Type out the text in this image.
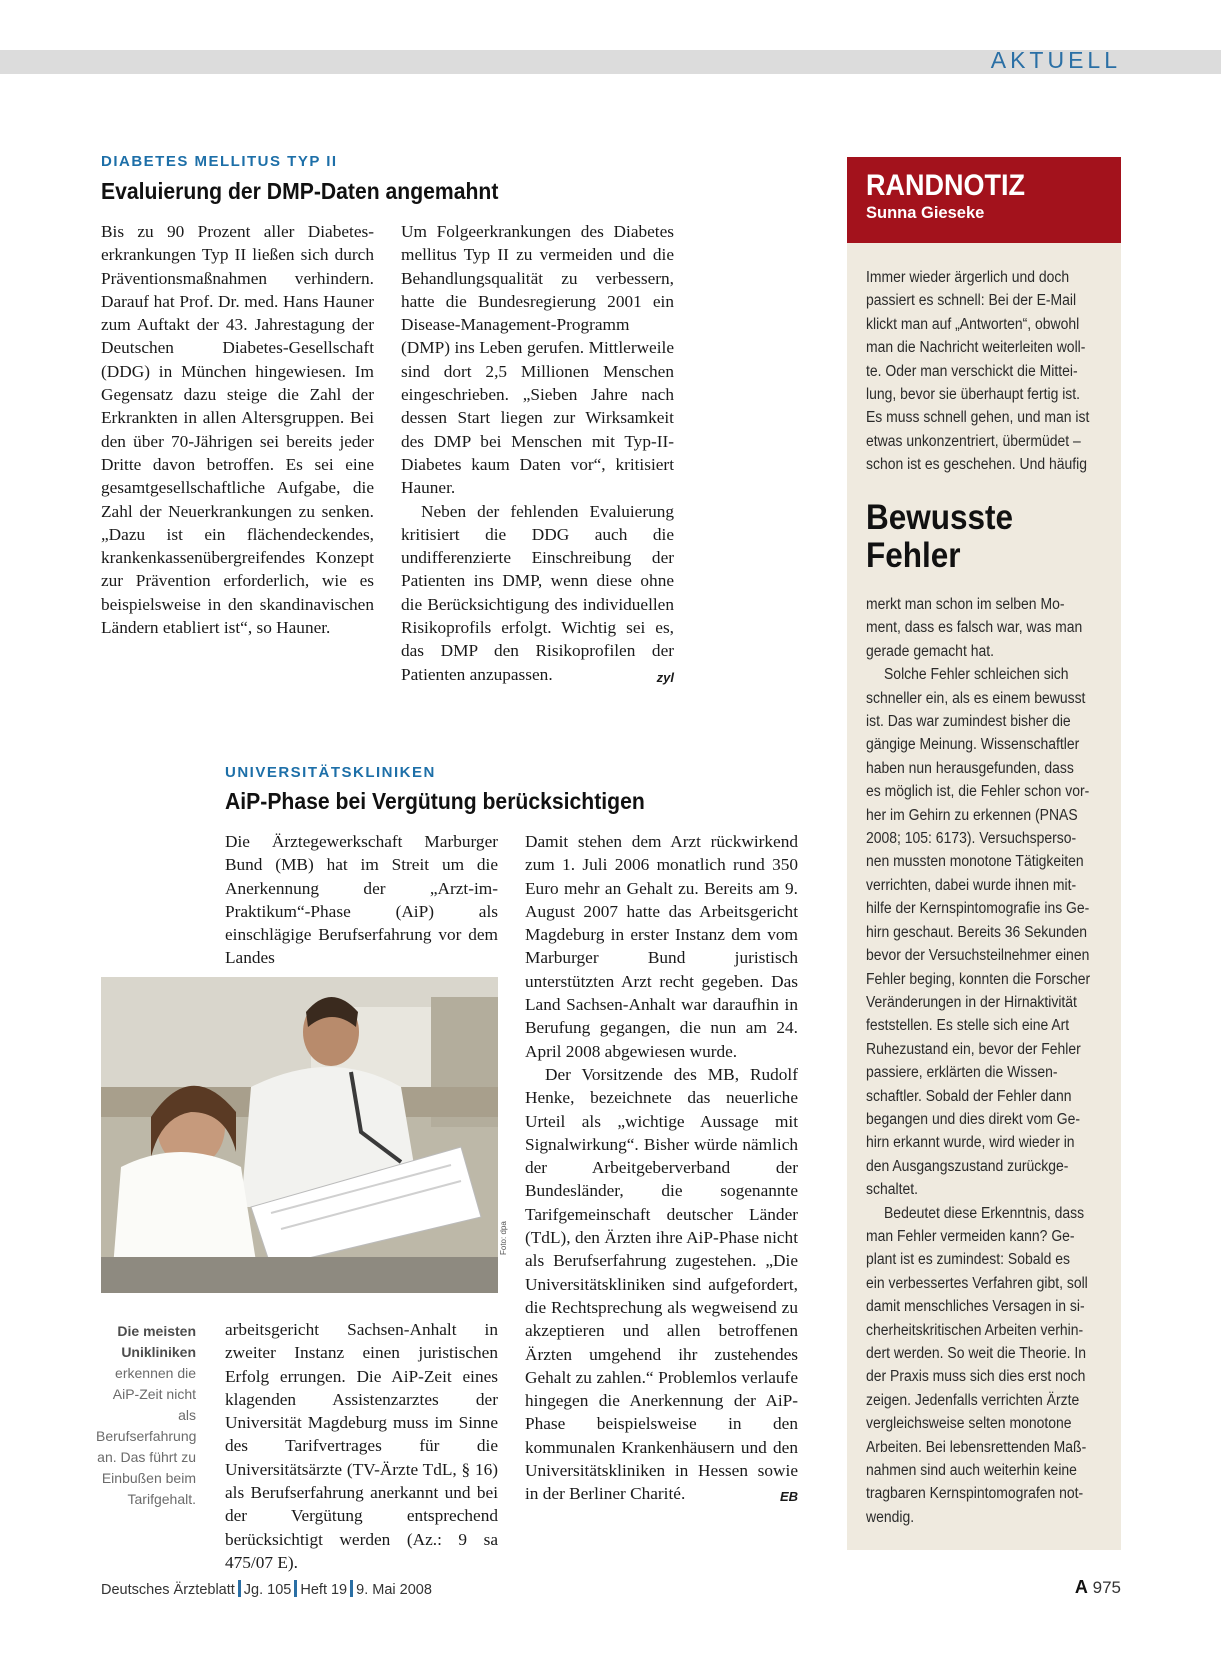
AKTUELL
DIABETES MELLITUS TYP II
Evaluierung der DMP-Daten angemahnt

Bis zu 90 Prozent aller Diabeteserkrankungen Typ II ließen sich durch Präventionsmaßnahmen verhindern. Darauf hat Prof. Dr. med. Hans Hauner zum Auftakt der 43. Jahrestagung der Deutschen Diabetes-Gesellschaft (DDG) in München hingewiesen. Im Gegensatz dazu steige die Zahl der Erkrankten in allen Altersgruppen. Bei den über 70-Jährigen sei bereits jeder Dritte davon betroffen. Es sei eine gesamtgesellschaftliche Aufgabe, die Zahl der Neuerkrankungen zu senken. „Dazu ist ein flächendeckendes, krankenkassenübergreifendes Konzept zur Prävention erforderlich, wie es beispielsweise in den skandinavischen Ländern etabliert ist“, so Hauner.

Um Folgeerkrankungen des Diabetes mellitus Typ II zu vermeiden und die Behandlungsqualität zu verbessern, hatte die Bundesregierung 2001 ein Disease-Management-Programm (DMP) ins Leben gerufen. Mittlerweile sind dort 2,5 Millionen Menschen eingeschrieben. „Sieben Jahre nach dessen Start liegen zur Wirksamkeit des DMP bei Menschen mit Typ-II-Diabetes kaum Daten vor“, kritisiert Hauner.

Neben der fehlenden Evaluierung kritisiert die DDG auch die undifferenzierte Einschreibung der Patienten ins DMP, wenn diese ohne die Berücksichtigung des individuellen Risikoprofils erfolgt. Wichtig sei es, das DMP den Risikoprofilen der Patienten anzupassen.	zyl

UNIVERSITÄTSKLINIKEN
AiP-Phase bei Vergütung berücksichtigen

Die Ärztegewerkschaft Marburger Bund (MB) hat im Streit um die Anerkennung der „Arzt-im-Praktikum“-Phase (AiP) als einschlägige Berufserfahrung vor dem Landes

Foto: dpa
Die meisten Unikliniken erkennen die AiP-Zeit nicht als Berufserfahrung an. Das führt zu Einbußen beim Tarifgehalt.

arbeitsgericht Sachsen-Anhalt in zweiter Instanz einen juristischen Erfolg errungen. Die AiP-Zeit eines klagenden Assistenzarztes der Universität Magdeburg muss im Sinne des Tarifvertrages für die Universitätsärzte (TV-Ärzte TdL, § 16) als Berufserfahrung anerkannt und bei der Vergütung entsprechend berücksichtigt werden (Az.: 9 sa 475/07 E).

Damit stehen dem Arzt rückwirkend zum 1. Juli 2006 monatlich rund 350 Euro mehr an Gehalt zu. Bereits am 9. August 2007 hatte das Arbeitsgericht Magdeburg in erster Instanz dem vom Marburger Bund juristisch unterstützten Arzt recht gegeben. Das Land Sachsen-Anhalt war daraufhin in Berufung gegangen, die nun am 24. April 2008 abgewiesen wurde.

Der Vorsitzende des MB, Rudolf Henke, bezeichnete das neuerliche Urteil als „wichtige Aussage mit Signalwirkung“. Bisher würde nämlich der Arbeitgeberverband der Bundesländer, die sogenannte Tarifgemeinschaft deutscher Länder (TdL), den Ärzten ihre AiP-Phase nicht als Berufserfahrung zugestehen. „Die Universitätskliniken sind aufgefordert, die Rechtsprechung als wegweisend zu akzeptieren und allen betroffenen Ärzten umgehend ihr zustehendes Gehalt zu zahlen.“ Problemlos verlaufe hingegen die Anerkennung der AiP-Phase beispielsweise in den kommunalen Krankenhäusern und den Universitätskliniken in Hessen sowie in der Berliner Charité.	EB

RANDNOTIZ
Sunna Gieseke
Immer wieder ärgerlich und doch
passiert es schnell: Bei der E-Mail
klickt man auf „Antworten“, obwohl
man die Nachricht weiterleiten woll-
te. Oder man verschickt die Mittei-
lung, bevor sie überhaupt fertig ist.
Es muss schnell gehen, und man ist
etwas unkonzentriert, übermüdet –
schon ist es geschehen. Und häufig
Bewusste
Fehler
merkt man schon im selben Mo-
ment, dass es falsch war, was man
gerade gemacht hat.
Solche Fehler schleichen sich
schneller ein, als es einem bewusst
ist. Das war zumindest bisher die
gängige Meinung. Wissenschaftler
haben nun herausgefunden, dass
es möglich ist, die Fehler schon vor-
her im Gehirn zu erkennen (PNAS
2008; 105: 6173). Versuchsperso-
nen mussten monotone Tätigkeiten
verrichten, dabei wurde ihnen mit-
hilfe der Kernspintomografie ins Ge-
hirn geschaut. Bereits 36 Sekunden
bevor der Versuchsteilnehmer einen
Fehler beging, konnten die Forscher
Veränderungen in der Hirnaktivität
feststellen. Es stelle sich eine Art
Ruhezustand ein, bevor der Fehler
passiere, erklärten die Wissen-
schaftler. Sobald der Fehler dann
begangen und dies direkt vom Ge-
hirn erkannt wurde, wird wieder in
den Ausgangszustand zurückge-
schaltet.
Bedeutet diese Erkenntnis, dass
man Fehler vermeiden kann? Ge-
plant ist es zumindest: Sobald es
ein verbessertes Verfahren gibt, soll
damit menschliches Versagen in si-
cherheitskritischen Arbeiten verhin-
dert werden. So weit die Theorie. In
der Praxis muss sich dies erst noch
zeigen. Jedenfalls verrichten Ärzte
vergleichsweise selten monotone
Arbeiten. Bei lebensrettenden Maß-
nahmen sind auch weiterhin keine
tragbaren Kernspintomografen not-
wendig.
Deutsches Ärzteblatt Jg. 105 Heft 19 9. Mai 2008	A 975
